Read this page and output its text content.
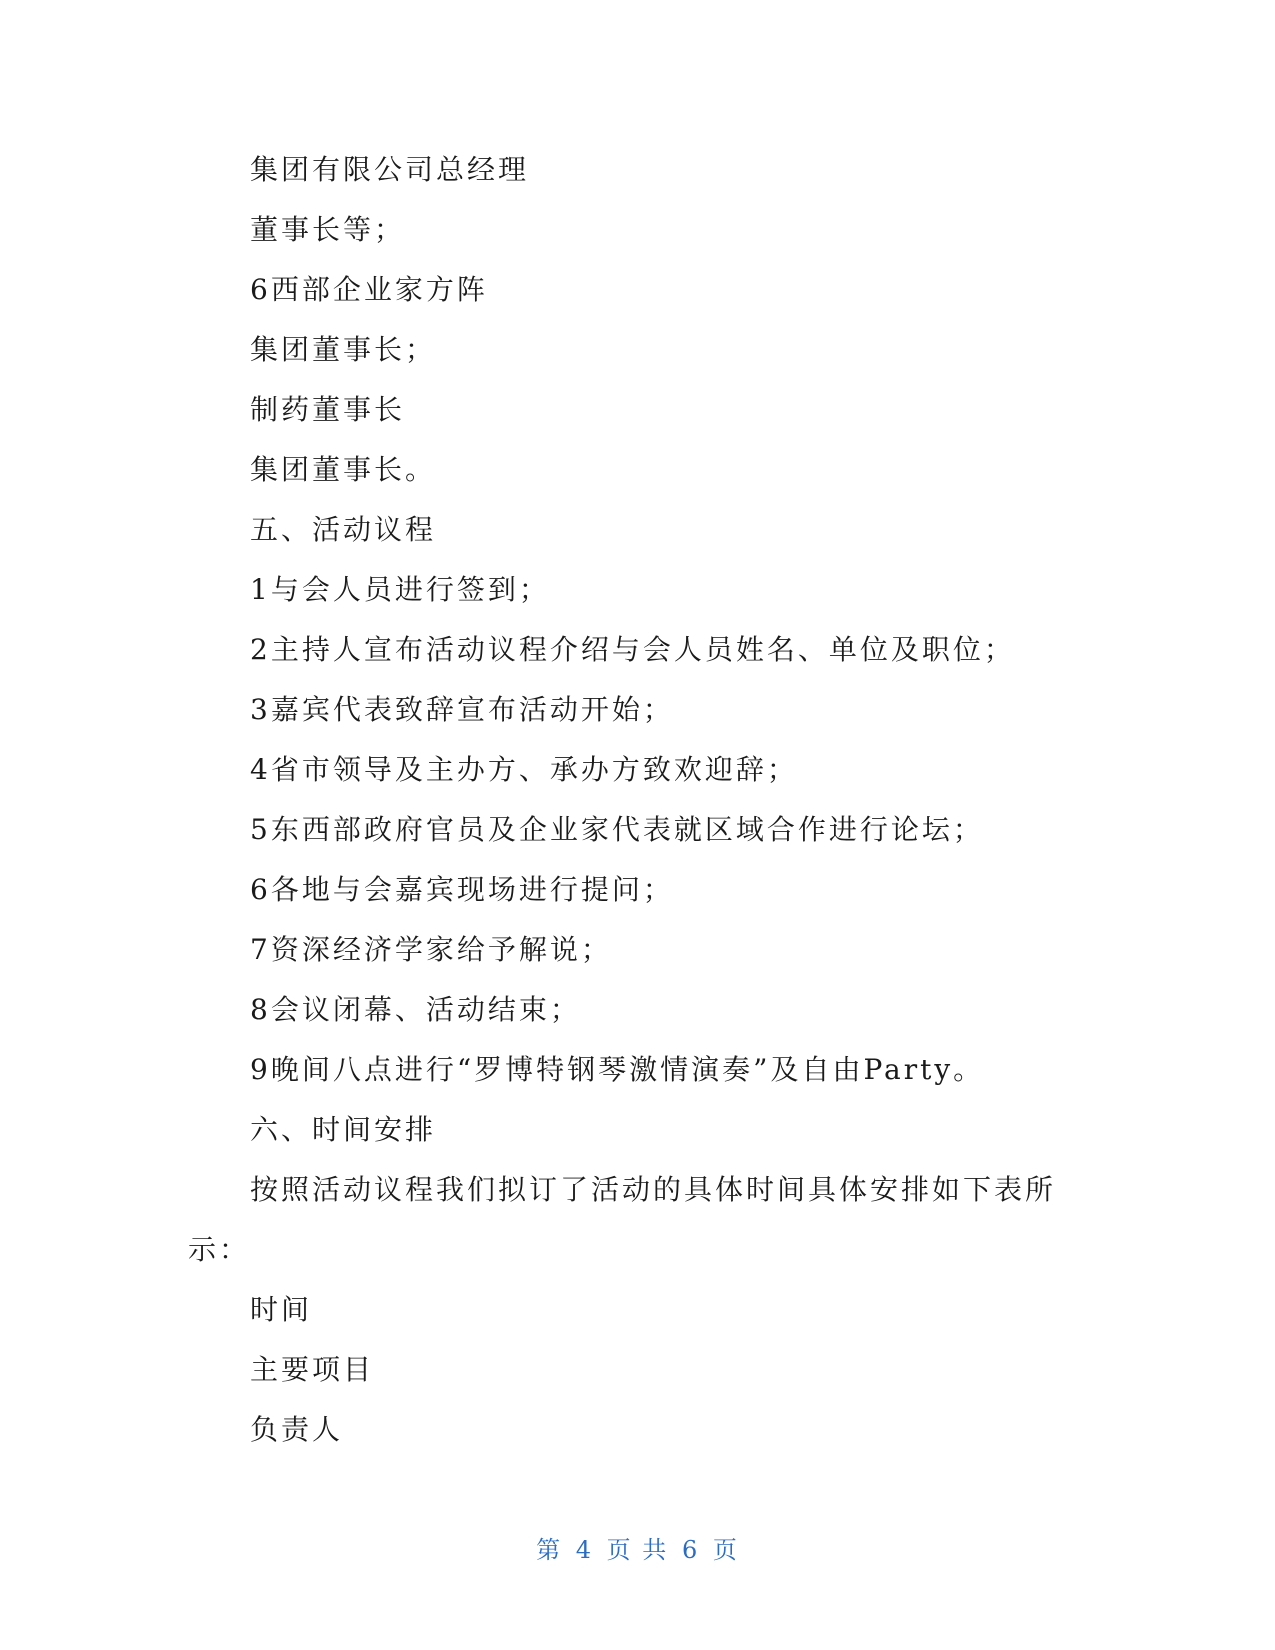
集团有限公司总经理
董事长等；
6西部企业家方阵
集团董事长；
制药董事长
集团董事长。
五、活动议程
1与会人员进行签到；
2主持人宣布活动议程介绍与会人员姓名、单位及职位；
3嘉宾代表致辞宣布活动开始；
4省市领导及主办方、承办方致欢迎辞；
5东西部政府官员及企业家代表就区域合作进行论坛；
6各地与会嘉宾现场进行提问；
7资深经济学家给予解说；
8会议闭幕、活动结束；
9晚间八点进行“罗博特钢琴激情演奏”及自由Party。
六、时间安排
按照活动议程我们拟订了活动的具体时间具体安排如下表所
示：
时间
主要项目
负责人
第 4 页 共 6 页
